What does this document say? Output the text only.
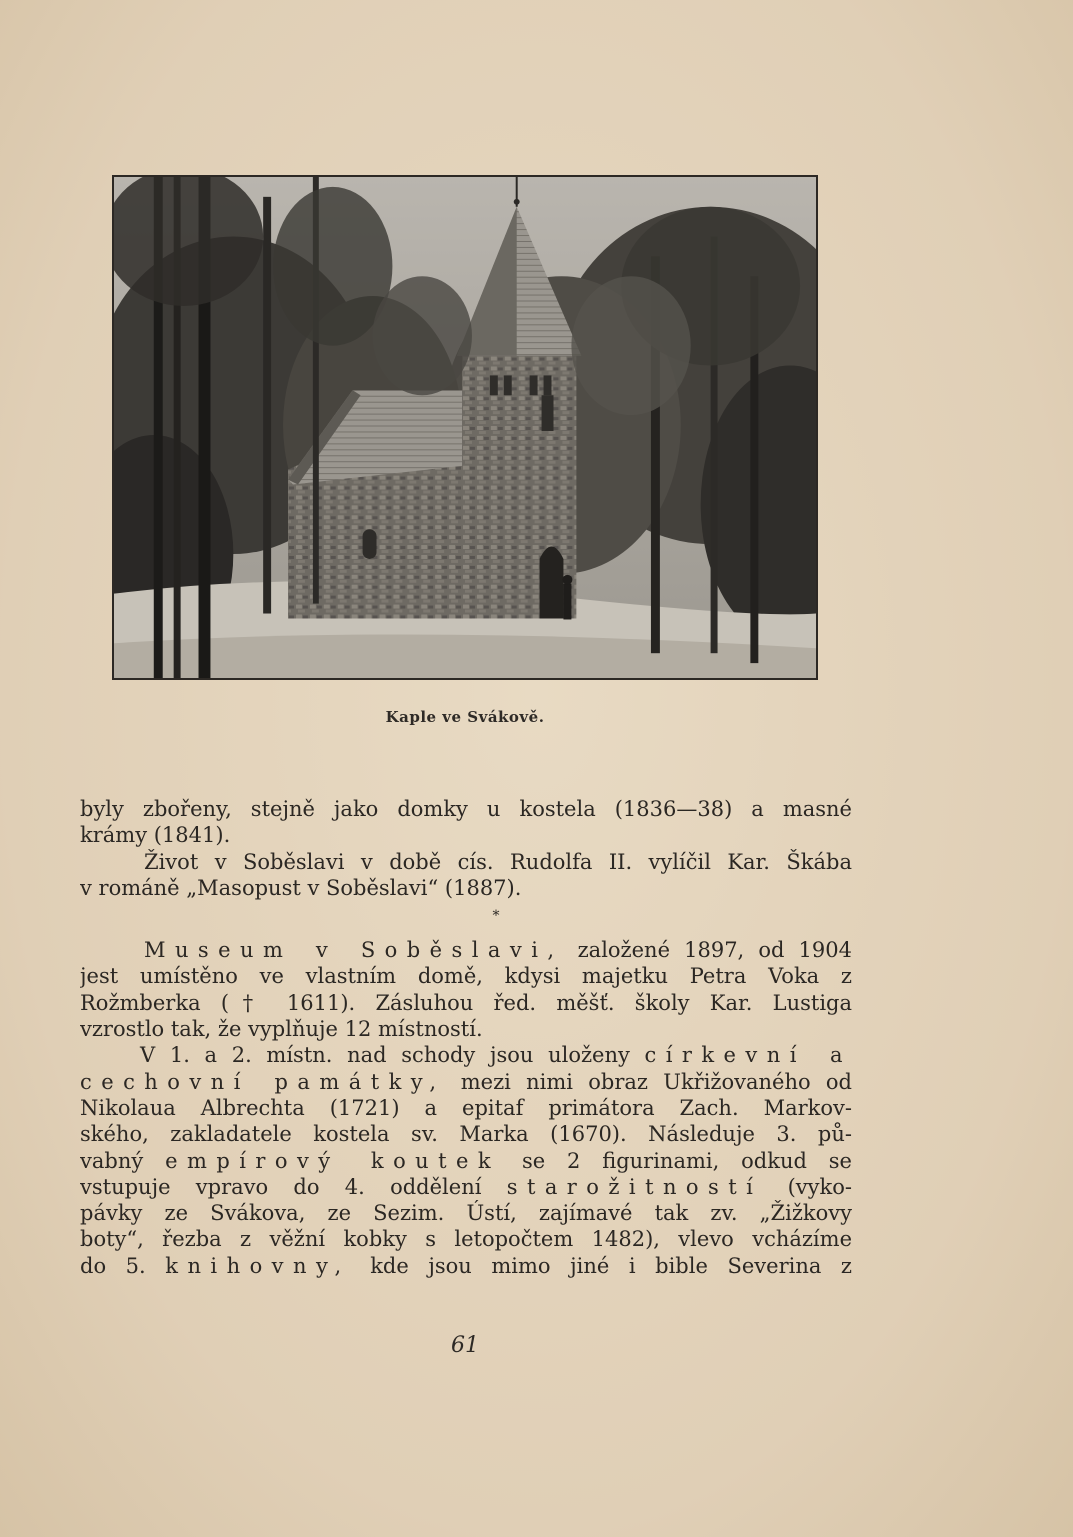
Kaple ve Svákově.
byly zbořeny, stejně jako domky u kostela (1836—38) a masné
krámy (1841).
Život v Soběslavi v době cís. Rudolfa II. vylíčil Kar. Škába
v románě „Masopust v Soběslavi“ (1887).
*
Museum v Soběslavi, založené 1897, od 1904
jest umístěno ve vlastním domě, kdysi majetku Petra Voka z
Rožmberka († 1611). Zásluhou řed. měšť. školy Kar. Lustiga
vzrostlo tak, že vyplňuje 12 místností.
V 1. a 2. místn. nad schody jsou uloženy církevní a
cechovní památky, mezi nimi obraz Ukřižovaného od
Nikolaua Albrechta (1721) a epitaf primátora Zach. Markov-
ského, zakladatele kostela sv. Marka (1670). Následuje 3. pů-
vabný empírový koutek se 2 figurinami, odkud se
vstupuje vpravo do 4. oddělení starožitností (vyko-
pávky ze Svákova, ze Sezim. Ústí, zajímavé tak zv. „Žižkovy
boty“, řezba z věžní kobky s letopočtem 1482), vlevo vcházíme
do 5. knihovny, kde jsou mimo jiné i bible Severina z
61
